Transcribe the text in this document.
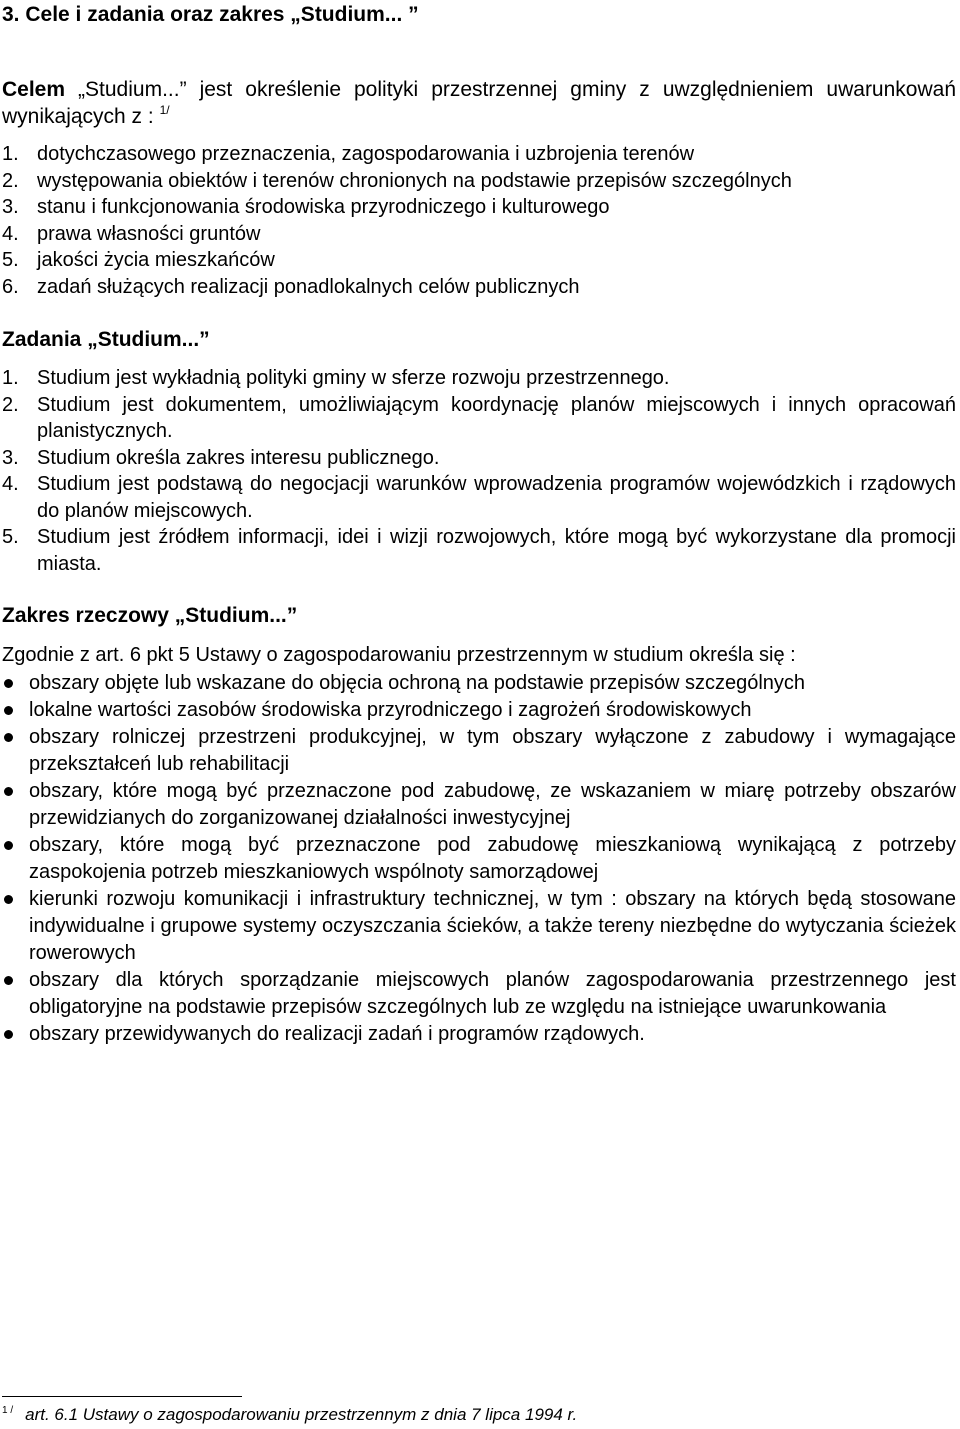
3. Cele i zadania oraz zakres „Studium... ”

Celem „Studium...” jest określenie polityki przestrzennej gminy z uwzględnieniem uwarunkowań wynikających z : $^{1/}$

1. dotychczasowego przeznaczenia, zagospodarowania i uzbrojenia terenów
2. występowania obiektów i terenów chronionych na podstawie przepisów szczególnych
3. stanu i funkcjonowania środowiska przyrodniczego i kulturowego
4. prawa własności gruntów
5. jakości życia mieszkańców
6. zadań służących realizacji ponadlokalnych celów publicznych
Zadania „Studium...”
1. Studium jest wykładnią polityki gminy w sferze rozwoju przestrzennego.
2. Studium jest dokumentem, umożliwiającym koordynację planów miejscowych i innych opracowań planistycznych.
3. Studium określa zakres interesu publicznego.
4. Studium jest podstawą do negocjacji warunków wprowadzenia programów wojewódzkich i rządowych do planów miejscowych.
5. Studium jest źródłem informacji, idei i wizji rozwojowych, które mogą być wykorzystane dla promocji miasta.
Zakres rzeczowy „Studium...”

Zgodnie z art. 6 pkt 5 Ustawy o zagospodarowaniu przestrzennym w studium określa się :

obszary objęte lub wskazane do objęcia ochroną na podstawie przepisów szczególnych
lokalne wartości zasobów środowiska przyrodniczego i zagrożeń środowiskowych
obszary rolniczej przestrzeni produkcyjnej, w tym obszary wyłączone z zabudowy i wymagające przekształceń lub rehabilitacji
obszary, które mogą być przeznaczone pod zabudowę, ze wskazaniem w miarę potrzeby obszarów przewidzianych do zorganizowanej działalności inwestycyjnej
obszary, które mogą być przeznaczone pod zabudowę mieszkaniową wynikającą z potrzeby zaspokojenia potrzeb mieszkaniowych wspólnoty samorządowej
kierunki rozwoju komunikacji i infrastruktury technicznej, w tym : obszary na których będą stosowane indywidualne i grupowe systemy oczyszczania ścieków, a także tereny niezbędne do wytyczania ścieżek rowerowych
obszary dla których sporządzanie miejscowych planów zagospodarowania przestrzennego jest obligatoryjne na podstawie przepisów szczególnych lub ze względu na istniejące uwarunkowania
obszary przewidywanych do realizacji zadań i programów rządowych.

$^{1 /}$ art. 6.1 Ustawy o zagospodarowaniu przestrzennym z dnia 7 lipca 1994 r.
